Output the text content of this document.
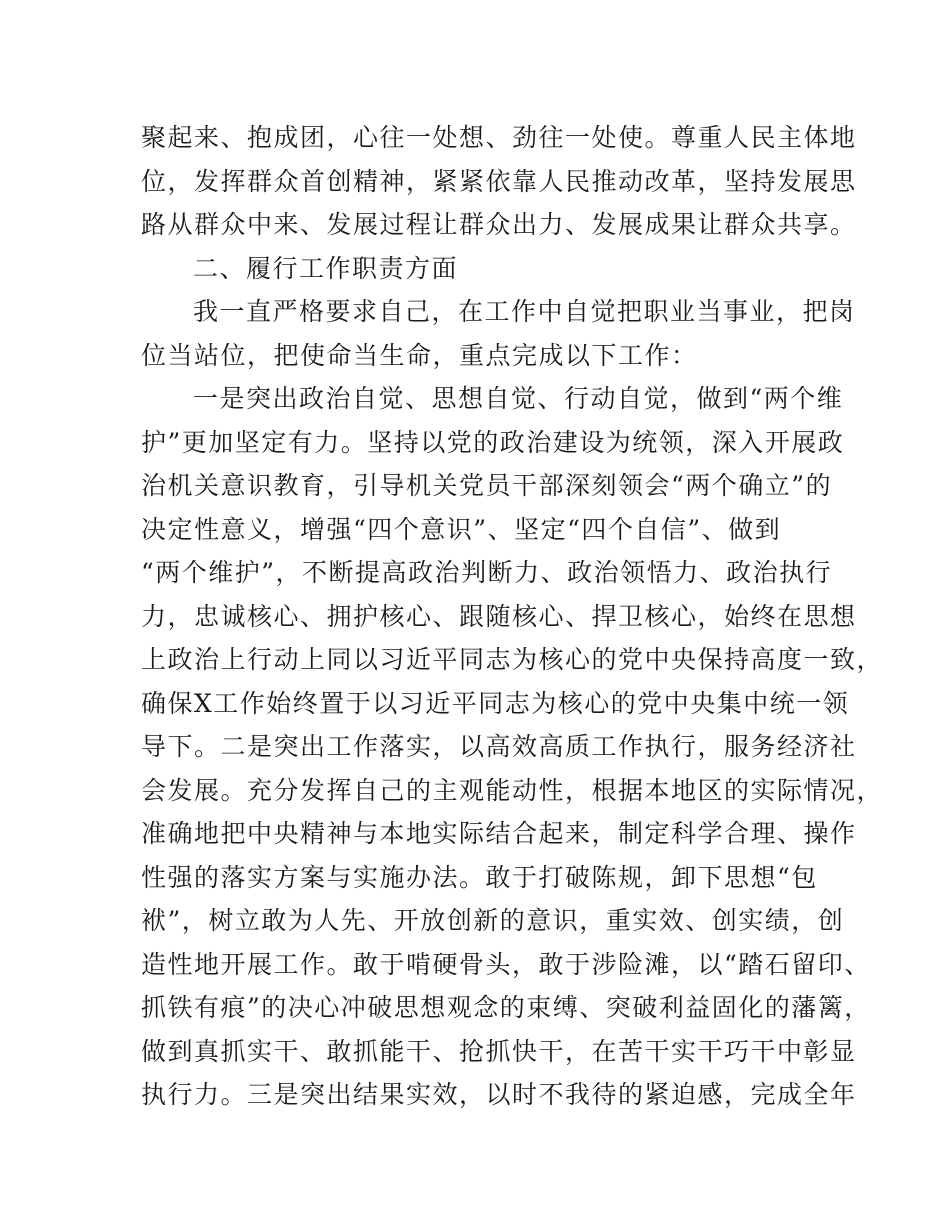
聚起来、抱成团，心往一处想、劲往一处使。尊重人民主体地
位，发挥群众首创精神，紧紧依靠人民推动改革，坚持发展思
路从群众中来、发展过程让群众出力、发展成果让群众共享。
二、履行工作职责方面
我一直严格要求自己，在工作中自觉把职业当事业，把岗
位当站位，把使命当生命，重点完成以下工作：
一是突出政治自觉、思想自觉、行动自觉，做到“两个维
护”更加坚定有力。坚持以党的政治建设为统领，深入开展政
治机关意识教育，引导机关党员干部深刻领会“两个确立”的
决定性意义，增强“四个意识”、坚定“四个自信”、做到
“两个维护”，不断提高政治判断力、政治领悟力、政治执行
力，忠诚核心、拥护核心、跟随核心、捍卫核心，始终在思想
上政治上行动上同以习近平同志为核心的党中央保持高度一致，
确保X工作始终置于以习近平同志为核心的党中央集中统一领
导下。二是突出工作落实，以高效高质工作执行，服务经济社
会发展。充分发挥自己的主观能动性，根据本地区的实际情况，
准确地把中央精神与本地实际结合起来，制定科学合理、操作
性强的落实方案与实施办法。敢于打破陈规，卸下思想“包
袱”，树立敢为人先、开放创新的意识，重实效、创实绩，创
造性地开展工作。敢于啃硬骨头，敢于涉险滩，以“踏石留印、
抓铁有痕”的决心冲破思想观念的束缚、突破利益固化的藩篱，
做到真抓实干、敢抓能干、抢抓快干，在苦干实干巧干中彰显
执行力。三是突出结果实效，以时不我待的紧迫感，完成全年
